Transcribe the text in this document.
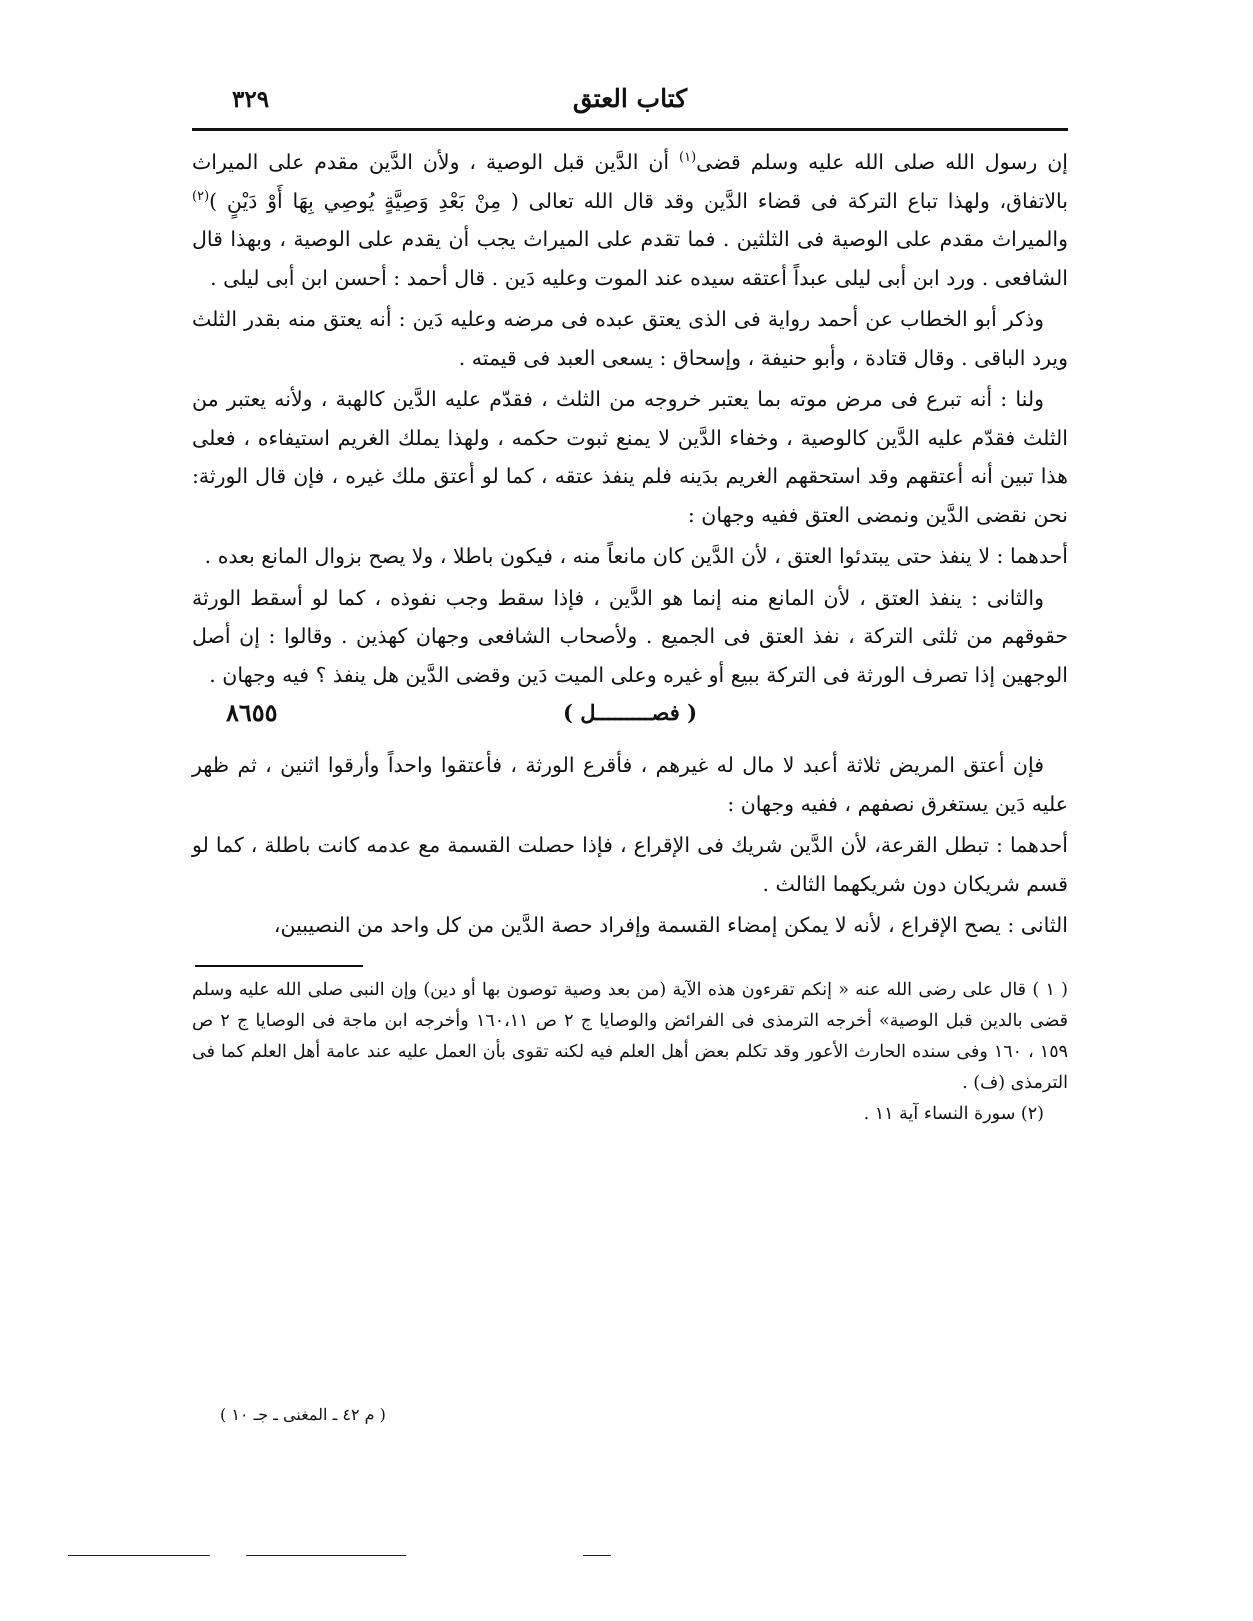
كتاب العتق
٣٢٩

إن رسول الله صلى الله عليه وسلم قضى$^{(١)}$ أن الدَّين قبل الوصية ، ولأن الدَّين مقدم على الميراث بالاتفاق، ولهذا تباع التركة فى قضاء الدَّين وقد قال الله تعالى ( مِنْ بَعْدِ وَصِيَّةٍ يُوصِي بِهَا أَوْ دَيْنٍ )$^{(٢)}$ والميراث مقدم على الوصية فى الثلثين . فما تقدم على الميراث يجب أن يقدم على الوصية ، وبهذا قال الشافعى . ورد ابن أبى ليلى عبداً أعتقه سيده عند الموت وعليه دَين . قال أحمد : أحسن ابن أبى ليلى .

وذكر أبو الخطاب عن أحمد رواية فى الذى يعتق عبده فى مرضه وعليه دَين : أنه يعتق منه بقدر الثلث ويرد الباقى . وقال قتادة ، وأبو حنيفة ، وإسحاق : يسعى العبد فى قيمته .

ولنا : أنه تبرع فى مرض موته بما يعتبر خروجه من الثلث ، فقدّم عليه الدَّين كالهبة ، ولأنه يعتبر من الثلث فقدّم عليه الدَّين كالوصية ، وخفاء الدَّين لا يمنع ثبوت حكمه ، ولهذا يملك الغريم استيفاءه ، فعلى هذا تبين أنه أعتقهم وقد استحقهم الغريم بدَينه فلم ينفذ عتقه ، كما لو أعتق ملك غيره ، فإن قال الورثة: نحن نقضى الدَّين ونمضى العتق ففيه وجهان :

أحدهما : لا ينفذ حتى يبتدئوا العتق ، لأن الدَّين كان مانعاً منه ، فيكون باطلا ، ولا يصح بزوال المانع بعده .

والثانى : ينفذ العتق ، لأن المانع منه إنما هو الدَّين ، فإذا سقط وجب نفوذه ، كما لو أسقط الورثة حقوقهم من ثلثى التركة ، نفذ العتق فى الجميع . ولأصحاب الشافعى وجهان كهذين . وقالوا : إن أصل الوجهين إذا تصرف الورثة فى التركة ببيع أو غيره وعلى الميت دَين وقضى الدَّين هل ينفذ ؟ فيه وجهان .

( فصـــــــــل )
٨٦٥٥

فإن أعتق المريض ثلاثة أعبد لا مال له غيرهم ، فأقرع الورثة ، فأعتقوا واحداً وأرقوا اثنين ، ثم ظهر عليه دَين يستغرق نصفهم ، ففيه وجهان :

أحدهما : تبطل القرعة، لأن الدَّين شريك فى الإقراع ، فإذا حصلت القسمة مع عدمه كانت باطلة ، كما لو قسم شريكان دون شريكهما الثالث .

الثانى : يصح الإقراع ، لأنه لا يمكن إمضاء القسمة وإفراد حصة الدَّين من كل واحد من النصيبين،

( ١ ) قال على رضى الله عنه « إنكم تقرءون هذه الآية (من بعد وصية توصون بها أو دين) وإن النبى صلى الله عليه وسلم قضى بالدين قبل الوصية» أخرجه الترمذى فى الفرائض والوصايا ج ٢ ص ١٦٠،١١ وأخرجه ابن ماجة فى الوصايا ج ٢ ص ١٥٩ ، ١٦٠ وفى سنده الحارث الأعور وقد تكلم بعض أهل العلم فيه لكنه تقوى بأن العمل عليه عند عامة أهل العلم كما فى الترمذى (ف) .

(٢) سورة النساء آية ١١ .

( م ٤٢ ـ المغنى ـ جـ ١٠ )
